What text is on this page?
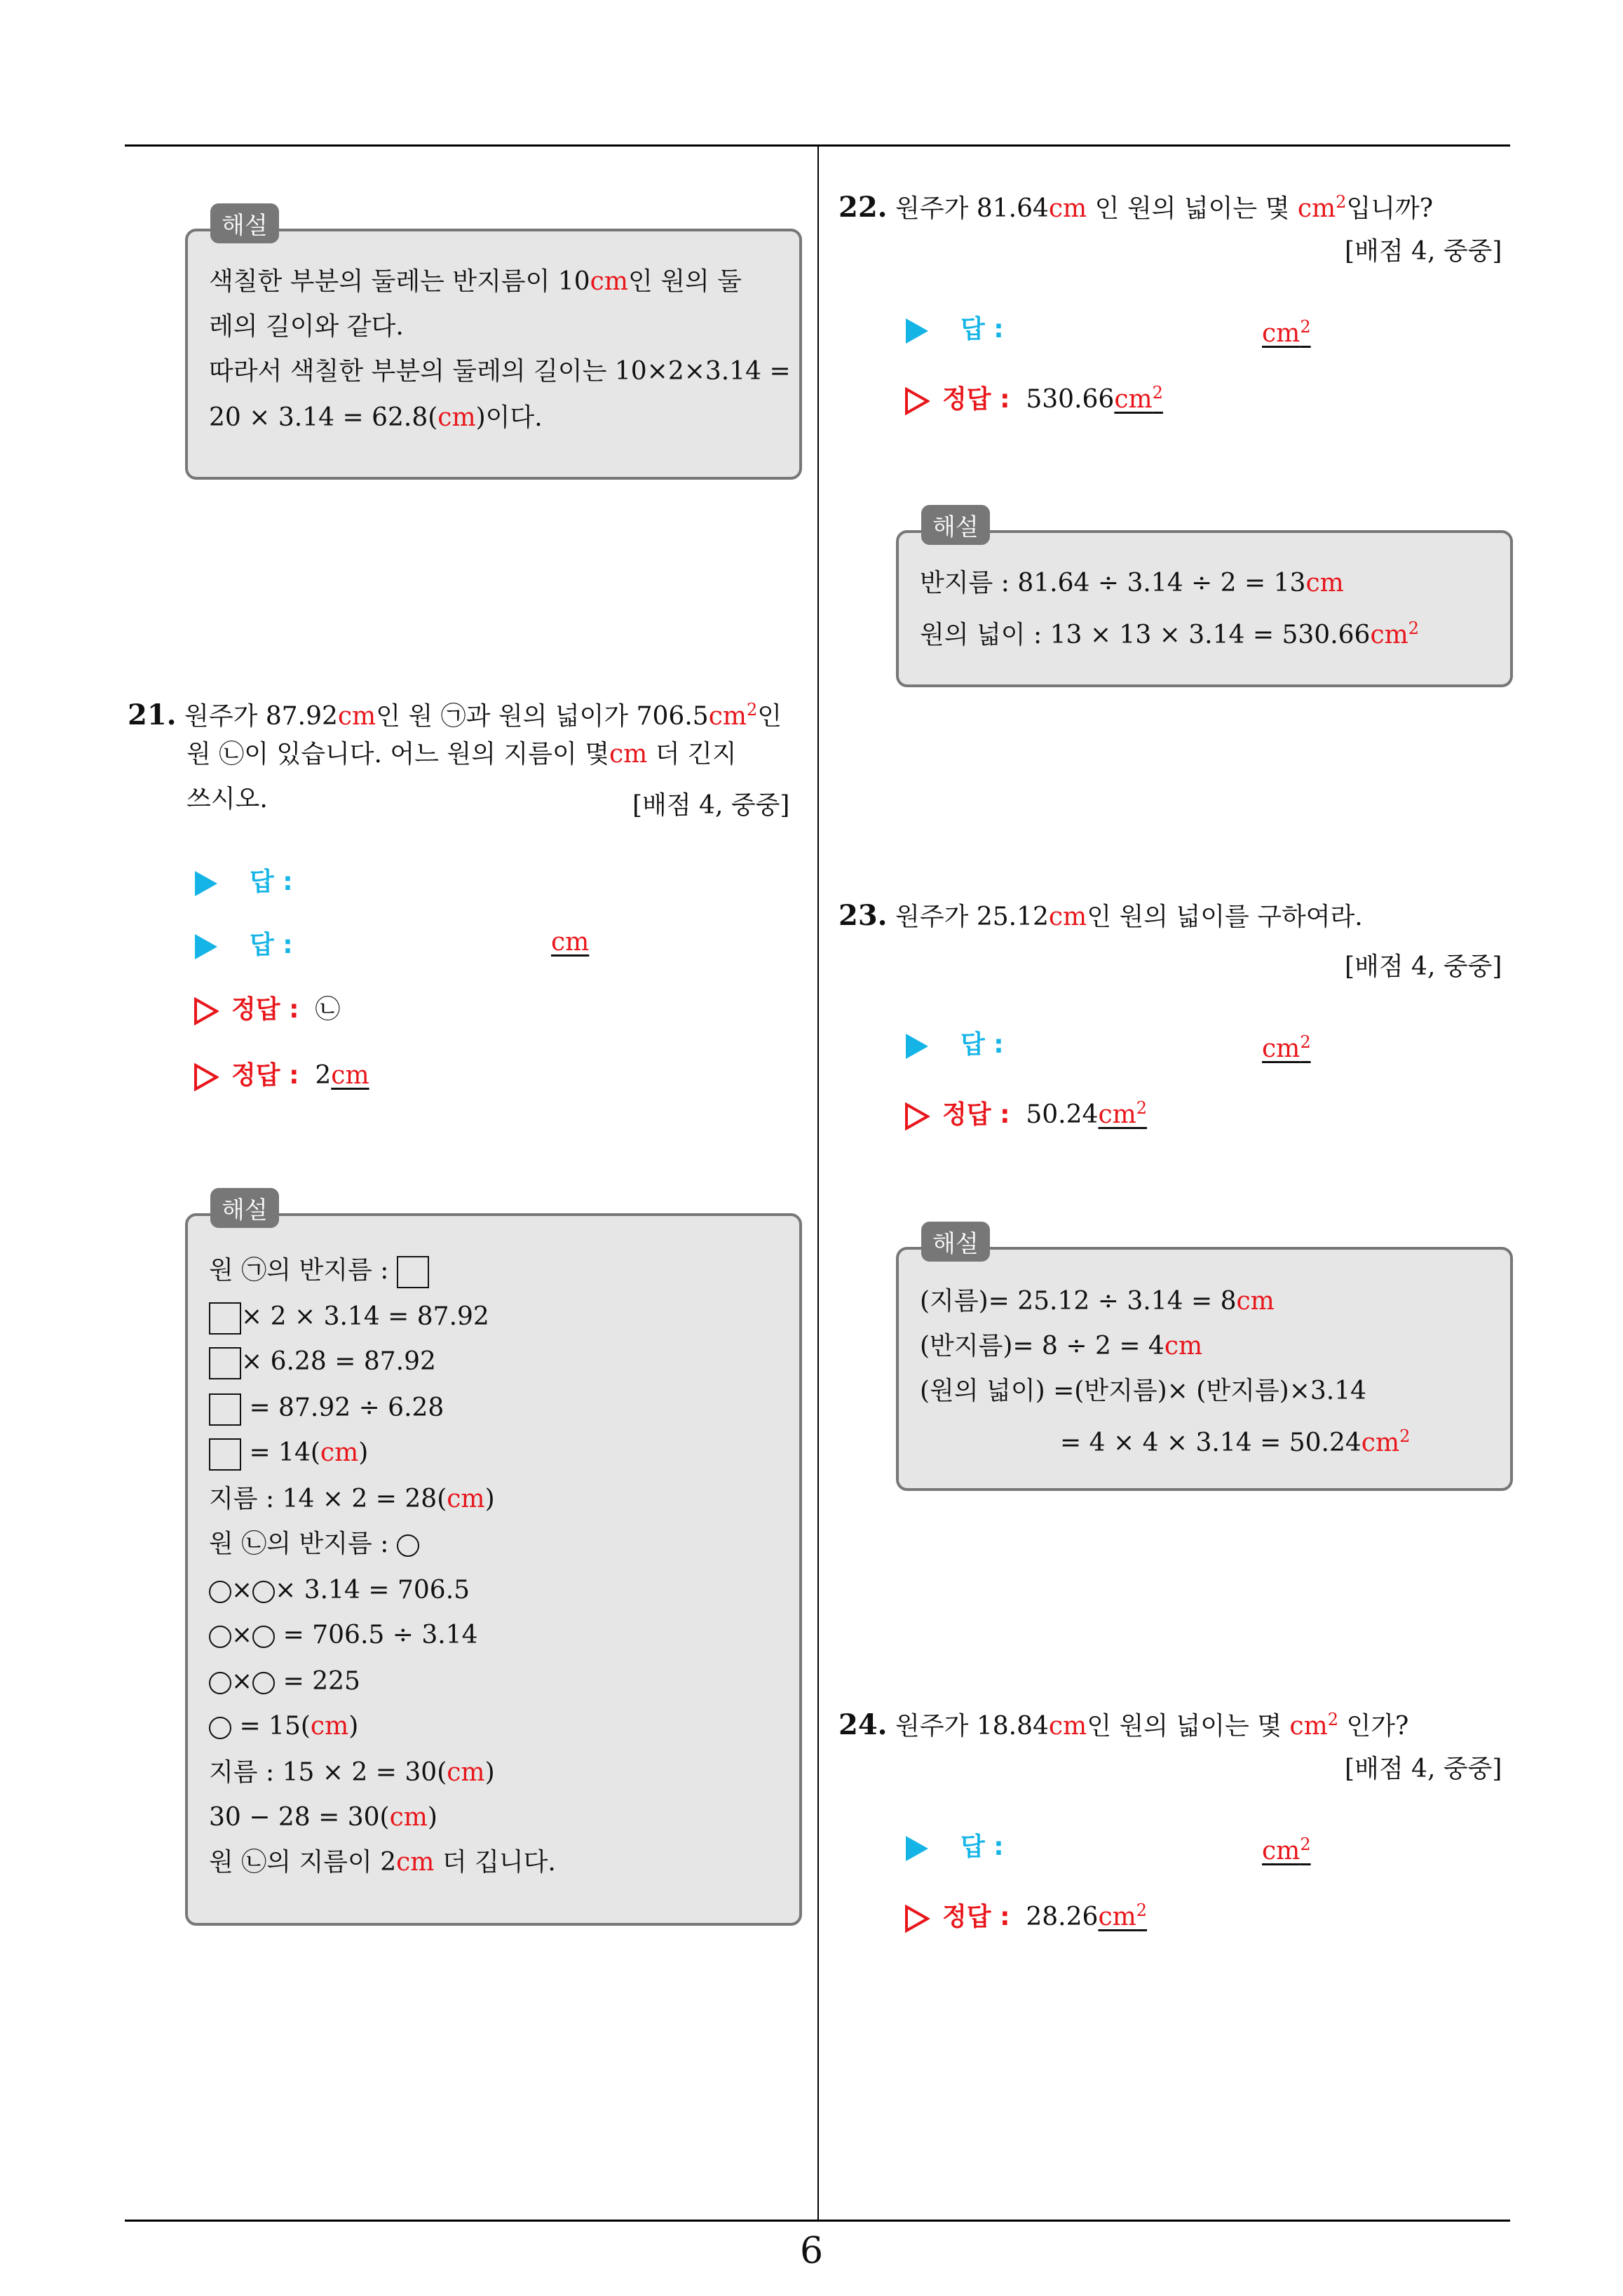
6
해설
색칠한 부분의 둘레는 반지름이 10cm인 원의 둘
레의 길이와 같다.
따라서 색칠한 부분의 둘레의 길이는 10×2×3.14 =
20 × 3.14 = 62.8(cm)이다.
21. 원주가 87.92cm인 원 ㉠과 원의 넓이가 $706.5cm^2$인
원 ㉡이 있습니다. 어느 원의 지름이 몇cm 더 긴지
쓰시오.	[배점 4, 중중]
답 :
답 :	cm
정답 : ㉡
정답 : 2cm
해설
원 ㉠의 반지름 :
× 2 × 3.14 = 87.92
× 6.28 = 87.92
= 87.92 ÷ 6.28
= 14(cm)
지름 : 14 × 2 = 28(cm)
원 ㉡의 반지름 :
× × 3.14 = 706.5
× = 706.5 ÷ 3.14
× = 225
= 15(cm)
지름 : 15 × 2 = 30(cm)
30 − 28 = 30(cm)
원 ㉡의 지름이 2cm 더 깁니다.
22. 원주가 81.64cm 인 원의 넓이는 몇 $cm^2$입니까?
[배점 4, 중중]
답 :	$cm^2$
정답 : $530.66cm^2$
해설
반지름 : 81.64 ÷ 3.14 ÷ 2 = 13cm
원의 넓이 : $13 \times 13 \times 3.14 = 530.66cm^2$
23. 원주가 25.12cm인 원의 넓이를 구하여라.
[배점 4, 중중]
답 :	$cm^2$
정답 : $50.24cm^2$
해설
(지름)= 25.12 ÷ 3.14 = 8cm
(반지름)= 8 ÷ 2 = 4cm
(원의 넓이) =(반지름)× (반지름)×3.14
= $4 \times 4 \times 3.14 = 50.24cm^2$
24. 원주가 18.84cm인 원의 넓이는 몇 $cm^2$ 인가?
[배점 4, 중중]
답 :	$cm^2$
정답 : $28.26cm^2$
